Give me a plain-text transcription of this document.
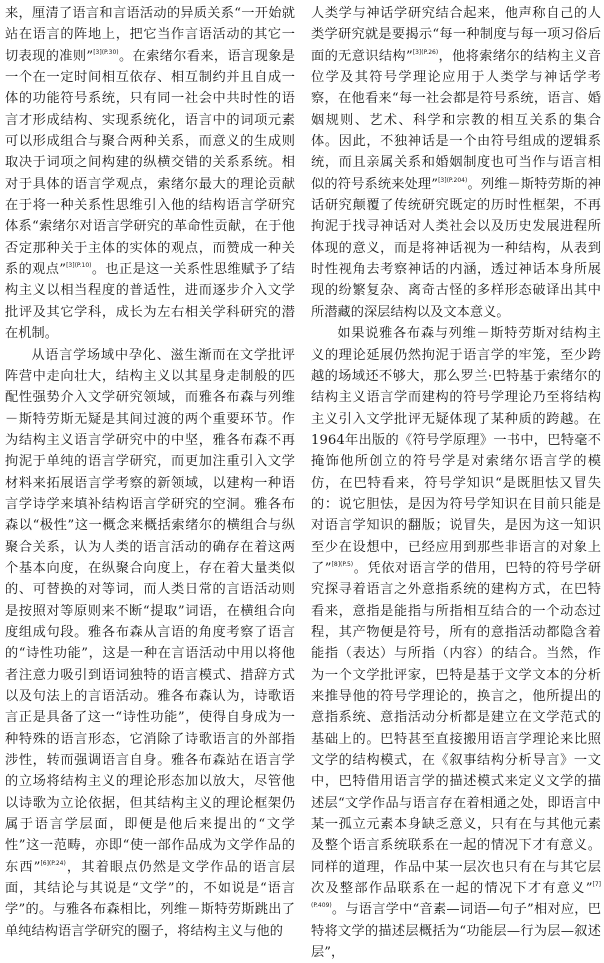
来，厘清了语言和言语活动的异质关系“一开始就站在语言的阵地上，把它当作言语活动的其它一切表现的准则”$^{[3](P.30)}$。在索绪尔看来，语言现象是一个在一定时间相互依存、相互制约并且自成一体的功能符号系统，只有同一社会中共时性的语言才形成结构、实现系统化，语言中的词项元素可以形成组合与聚合两种关系，而意义的生成则取决于词项之间构建的纵横交错的关系系统。相对于具体的语言学观点，索绪尔最大的理论贡献在于将一种关系性思维引入他的结构语言学研究体系“索绪尔对语言学研究的革命性贡献，在于他否定那种关于主体的实体的观点，而赞成一种关系的观点”$^{[3](P.10)}$。也正是这一关系性思维赋予了结构主义以相当程度的普适性，进而逐步介入文学批评及其它学科，成长为左右相关学科研究的潜在机制。

从语言学场域中孕化、滋生渐而在文学批评阵营中走向壮大，结构主义以其星身走制般的匹配性强势介入文学研究领域，而雅各布森与列维－斯特劳斯无疑是其间过渡的两个重要环节。作为结构主义语言学研究中的中坚，雅各布森不再拘泥于单纯的语言学研究，而更加注重引入文学材料来拓展语言学考察的新领域，以建构一种语言学诗学来填补结构语言学研究的空洞。雅各布森以“极性”这一概念来概括索绪尔的横组合与纵聚合关系，认为人类的语言活动的确存在着这两个基本向度，在纵聚合向度上，存在着大量类似的、可替换的对等词，而人类日常的言语活动则是按照对等原则来不断“提取”词语，在横组合向度组成句段。雅各布森从言语的角度考察了语言的“诗性功能”，这是一种在言语活动中用以将他者注意力吸引到语词独特的语言模式、措辞方式以及句法上的言语活动。雅各布森认为，诗歌语言正是具备了这一“诗性功能”，使得自身成为一种特殊的语言形态，它消除了诗歌语言的外部指涉性，转而强调语言自身。雅各布森站在语言学的立场将结构主义的理论形态加以放大，尽管他以诗歌为立论依据，但其结构主义的理论框架仍属于语言学层面，即便是他后来提出的“文学性”这一范畴，亦即“使一部作品成为文学作品的东西”$^{[6](P.24)}$，其着眼点仍然是文学作品的语言层面，其结论与其说是“文学”的，不如说是“语言学”的。与雅各布森相比，列维－斯特劳斯跳出了单纯结构语言学研究的圈子，将结构主义与他的

人类学与神话学研究结合起来，他声称自己的人类学研究就是要揭示“每一种制度与每一项习俗后面的无意识结构”$^{[3](P.26)}$，他将索绪尔的结构主义音位学及其符号学理论应用于人类学与神话学考察，在他看来“每一社会都是符号系统，语言、婚姻规则、艺术、科学和宗教的相互关系的集合体。因此，不独神话是一个由符号组成的逻辑系统，而且亲属关系和婚姻制度也可当作与语言相似的符号系统来处理”$^{[3](P.204)}$。列维－斯特劳斯的神话研究颠覆了传统研究既定的历时性框架，不再拘泥于找寻神话对人类社会以及历史发展进程所体现的意义，而是将神话视为一种结构，从表到时性视角去考察神话的内涵，透过神话本身所展现的纷繁复杂、离奇古怪的多样形态破译出其中所潜藏的深层结构以及文本意义。

如果说雅各布森与列维－斯特劳斯对结构主义的理论延展仍然拘泥于语言学的牢笼，至少跨越的场域还不够大，那么罗兰·巴特基于索绪尔的结构主义语言学而建构的符号学理论乃至将结构主义引入文学批评无疑体现了某种质的跨越。在1964年出版的《符号学原理》一书中，巴特毫不掩饰他所创立的符号学是对索绪尔语言学的模仿，在巴特看来，符号学知识“是既胆怯又冒失的：说它胆怯，是因为符号学知识在目前只能是对语言学知识的翻版；说冒失，是因为这一知识至少在设想中，已经应用到那些非语言的对象上了”$^{[8](P.5)}$。凭依对语言学的借用，巴特的符号学研究探寻着语言之外意指系统的建构方式，在巴特看来，意指是能指与所指相互结合的一个动态过程，其产物便是符号，所有的意指活动都隐含着能指（表达）与所指（内容）的结合。当然，作为一个文学批评家，巴特是基于文学文本的分析来推导他的符号学理论的，换言之，他所提出的意指系统、意指活动分析都是建立在文学范式的基础上的。巴特甚至直接搬用语言学理论来比照文学的结构模式，在《叙事结构分析导言》一文中，巴特借用语言学的描述模式来定义文学的描述层“文学作品与语言存在着相通之处，即语言中某一孤立元素本身缺乏意义，只有在与其他元素及整个语言系统联系在一起的情况下才有意义。同样的道理，作品中某一层次也只有在与其它层次及整部作品联系在一起的情况下才有意义”$^{[7](P.409)}$。与语言学中“音素—词语—句子”相对应，巴特将文学的描述层概括为“功能层—行为层—叙述层”，
